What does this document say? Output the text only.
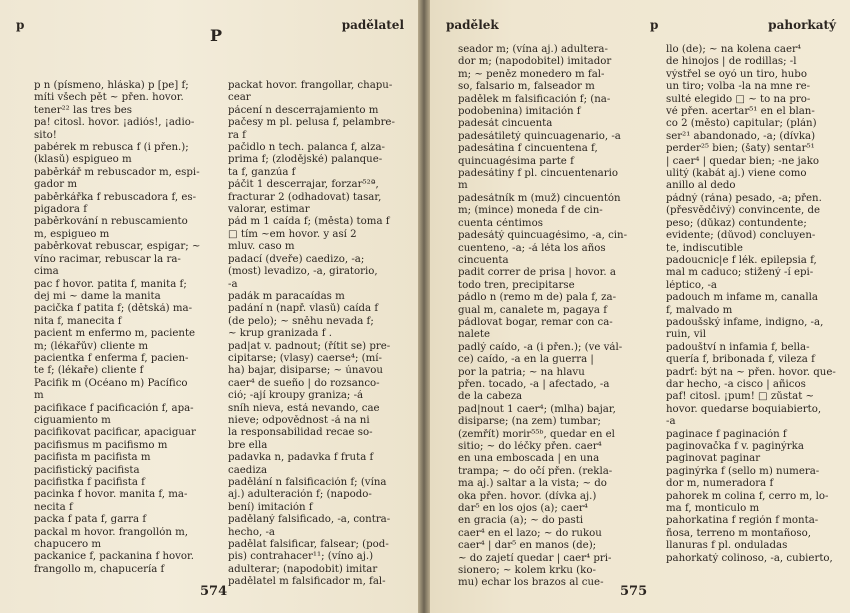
p
P
padělatel
p n (písmeno, hláska) p [pe] f;
míti všech pět ~ přen. hovor.
tener²² las tres bes
pa! citosl. hovor. ¡adiós!, ¡adio-
sito!
pabérek m rebusca f (i přen.);
(klasů) espigueo m
paběrkář m rebuscador m, espi-
gador m
paběrkářka f rebuscadora f, es-
pigadora f
paběrkování n rebuscamiento
m, espigueo m
paběrkovat rebuscar, espigar; ~
víno racimar, rebuscar la ra-
cima
pac f hovor. patita f, manita f;
dej mi ~ dame la manita
pacička f patita f; (dětská) ma-
nita f, manecita f
pacient m enfermo m, paciente
m; (lékařův) cliente m
pacientka f enferma f, pacien-
te f; (lékaře) cliente f
Pacifik m (Océano m) Pacífico
m
pacifikace f pacificación f, apa-
ciguamiento m
pacifikovat pacificar, apaciguar
pacifismus m pacifismo m
pacifista m pacifista m
pacifistický pacifista
pacifistka f pacifista f
pacinka f hovor. manita f, ma-
necita f
packa f pata f, garra f
packal m hovor. frangollón m,
chapucero m
packanice f, packanina f hovor.
frangollo m, chapucería f
packat hovor. frangollar, chapu-
cear
pácení n descerrajamiento m
pačesy m pl. pelusa f, pelambre-
ra f
pačidlo n tech. palanca f, alza-
prima f; (zlodějské) palanque-
ta f, ganzúa f
páčit 1 descerrajar, forzar⁵²ª,
fracturar 2 (odhadovat) tasar,
valorar, estimar
pád m 1 caída f; (města) toma f
□ tím ~em hovor. y así 2
mluv. caso m
padací (dveře) caedizo, -a;
(most) levadizo, -a, giratorio,
-a
padák m paracaídas m
padání n (např. vlasů) caída f
(de pelo); ~ sněhu nevada f;
~ krup granizada f .
pad|at v. padnout; (řítit se) pre-
cipitarse; (vlasy) caerse⁴; (mí-
ha) bajar, disiparse; ~ únavou
caer⁴ de sueño | do rozsanco-
ció; -ají kroupy graniza; -á
sníh nieva, está nevando, cae
nieve; odpovědnost -á na ni
la responsabilidad recae so-
bre ella
padavka n, padavka f fruta f
caediza
padělání n falsificación f; (vína
aj.) adulteración f; (napodo-
bení) imitación f
padělaný falsificado, -a, contra-
hecho, -a
padělat falsificar, falsear; (pod-
pis) contrahacer¹¹; (víno aj.)
adulterar; (napodobit) imitar
padělatel m falsificador m, fal-
574
padělek	p	pahorkatý
seador m; (vína aj.) adultera-
dor m; (napodobitel) imitador
m; ~ peněz monedero m fal-
so, falsario m, falseador m
padělek m falsificación f; (na-
podobenina) imitación f
padesát cincuenta
padesátiletý quincuagenario, -a
padesátina f cincuentena f,
quincuagésima parte f
padesátiny f pl. cincuentenario
m
padesátník m (muž) cincuentón
m; (mince) moneda f de cin-
cuenta céntimos
padesátý quincuagésimo, -a, cin-
cuenteno, -a; -á léta los años
cincuenta
padit correr de prisa | hovor. a
todo tren, precipitarse
pádlo n (remo m de) pala f, za-
gual m, canalete m, pagaya f
pádlovat bogar, remar con ca-
nalete
padlý caído, -a (i přen.); (ve vál-
ce) caído, -a en la guerra |
por la patria; ~ na hlavu
přen. tocado, -a | afectado, -a
de la cabeza
pad|nout 1 caer⁴; (mlha) bajar,
disiparse; (na zem) tumbar;
(zemřít) morir⁵⁵ᵇ, quedar en el
sitio; ~ do léčky přen. caer⁴
en una emboscada | en una
trampa; ~ do očí přen. (rekla-
ma aj.) saltar a la vista; ~ do
oka přen. hovor. (dívka aj.)
dar⁵ en los ojos (a); caer⁴
en gracia (a); ~ do pasti
caer⁴ en el lazo; ~ do rukou
caer⁴ | dar⁵ en manos (de);
~ do zajetí quedar | caer⁴ pri-
sionero; ~ kolem krku (ko-
mu) echar los brazos al cue-
llo (de); ~ na kolena caer⁴
de hinojos | de rodillas; -l
výstřel se oyó un tiro, hubo
un tiro; volba -la na mne re-
sulté elegido □ ~ to na pro-
vé přen. acertar⁵¹ en el blan-
co 2 (město) capitular; (plán)
ser²¹ abandonado, -a; (dívka)
perder²⁵ bien; (šaty) sentar⁵¹
| caer⁴ | quedar bien; -ne jako
ulitý (kabát aj.) viene como
anillo al dedo
pádný (rána) pesado, -a; přen.
(přesvědčivý) convincente, de
peso; (důkaz) contundente;
evidente; (důvod) concluyen-
te, indiscutible
padoucnic|e f lék. epilepsia f,
mal m caduco; stižený -í epi-
léptico, -a
padouch m infame m, canalla
f, malvado m
padoušský infame, indigno, -a,
ruin, vil
padouštví n infamia f, bella-
quería f, bribonada f, vileza f
padrť: být na ~ přen. hovor. que-
dar hecho, -a cisco | añicos
paf! citosl. ¡pum! □ zůstat ~
hovor. quedarse boquiabierto,
-a
paginace f paginación f
paginovačka f v. paginýrka
paginovat paginar
paginýrka f (sello m) numera-
dor m, numeradora f
pahorek m colina f, cerro m, lo-
ma f, monticulo m
pahorkatina f región f monta-
ñosa, terreno m montañoso,
llanuras f pl. onduladas
pahorkatý colinoso, -a, cubierto,
575
